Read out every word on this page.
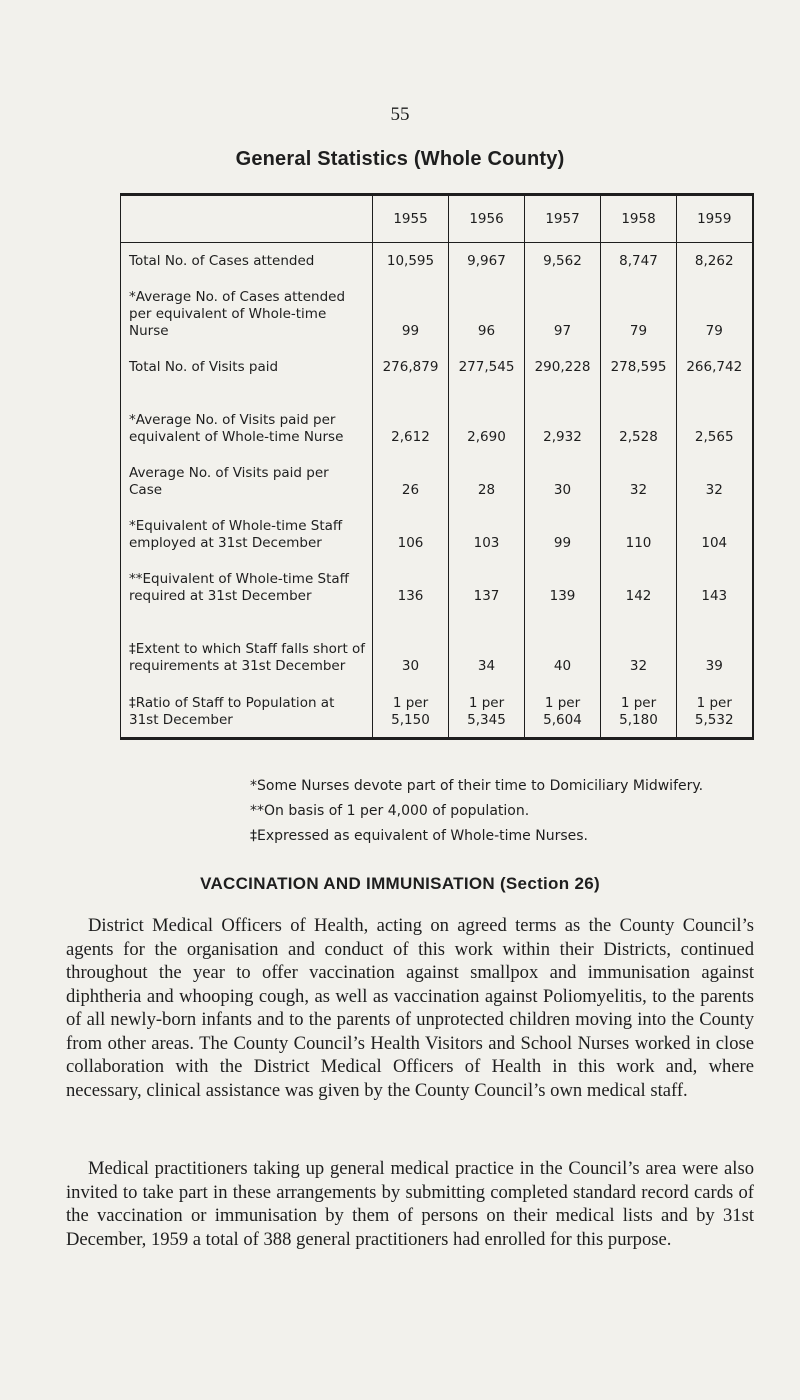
55
General Statistics (Whole County)
	1955	1956	1957	1958	1959
Total No. of Cases attended	10,595	9,967	9,562	8,747	8,262
*Average No. of Cases attended per equivalent of Whole-time Nurse	99	96	97	79	79
Total No. of Visits paid	276,879	277,545	290,228	278,595	266,742
*Average No. of Visits paid per equivalent of Whole-time Nurse	2,612	2,690	2,932	2,528	2,565
Average No. of Visits paid per Case	26	28	30	32	32
*Equivalent of Whole-time Staff employed at 31st December	106	103	99	110	104
**Equivalent of Whole-time Staff required at 31st December	136	137	139	142	143
‡Extent to which Staff falls short of requirements at 31st December	30	34	40	32	39
‡Ratio of Staff to Population at 31st December	1 per 5,150	1 per 5,345	1 per 5,604	1 per 5,180	1 per 5,532
*Some Nurses devote part of their time to Domiciliary Midwifery.
**On basis of 1 per 4,000 of population.
‡Expressed as equivalent of Whole-time Nurses.
VACCINATION AND IMMUNISATION (Section 26)

District Medical Officers of Health, acting on agreed terms as the County Council’s agents for the organisation and conduct of this work within their Districts, continued throughout the year to offer vaccination against smallpox and immunisation against diphtheria and whooping cough, as well as vaccination against Poliomyelitis, to the parents of all newly-born infants and to the parents of unprotected children moving into the County from other areas. The County Council’s Health Visitors and School Nurses worked in close collaboration with the District Medical Officers of Health in this work and, where necessary, clinical assistance was given by the County Council’s own medical staff.

Medical practitioners taking up general medical practice in the Council’s area were also invited to take part in these arrangements by submitting completed standard record cards of the vaccination or immunisation by them of persons on their medical lists and by 31st December, 1959 a total of 388 general practitioners had enrolled for this purpose.
